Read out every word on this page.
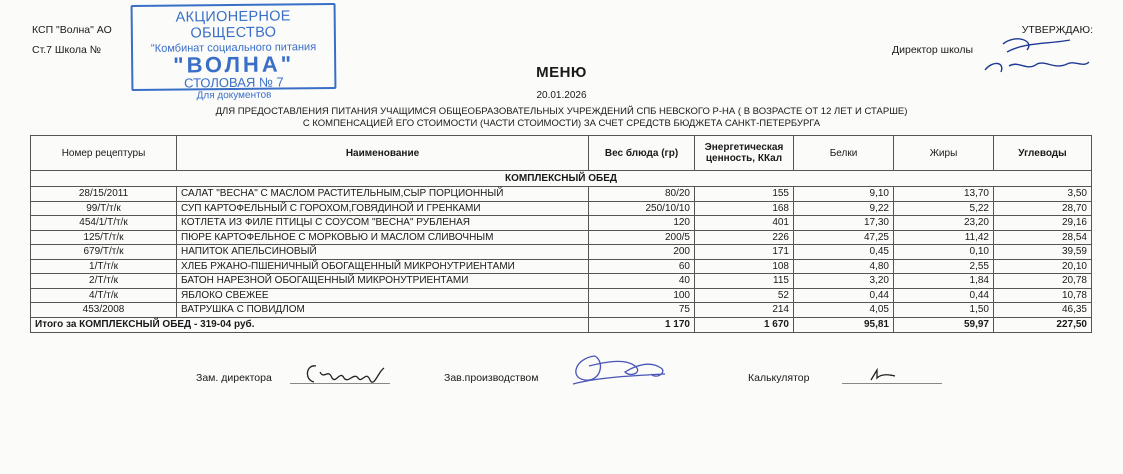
КСП "Волна" АО
Ст.7 Школа №
АКЦИОНЕРНОЕ ОБЩЕСТВО
"Комбинат социального питания
"ВОЛНА"
СТОЛОВАЯ № 7
Для документов
УТВЕРЖДАЮ:
Директор школы
МЕНЮ
20.01.2026
ДЛЯ ПРЕДОСТАВЛЕНИЯ ПИТАНИЯ УЧАЩИМСЯ ОБЩЕОБРАЗОВАТЕЛЬНЫХ УЧРЕЖДЕНИЙ СПБ НЕВСКОГО Р-НА ( В ВОЗРАСТЕ ОТ 12 ЛЕТ И СТАРШЕ)
С КОМПЕНСАЦИЕЙ ЕГО СТОИМОСТИ (ЧАСТИ СТОИМОСТИ) ЗА СЧЕТ СРЕДСТВ БЮДЖЕТА САНКТ-ПЕТЕРБУРГА
Номер рецептуры	Наименование	Вес блюда (гр)	Энергетическая ценность, ККал	Белки	Жиры	Углеводы
КОМПЛЕКСНЫЙ ОБЕД						
28/15/2011	САЛАТ "ВЕСНА" С МАСЛОМ РАСТИТЕЛЬНЫМ,СЫР ПОРЦИОННЫЙ	80/20	155	9,10	13,70	3,50
99/Т/т/к	СУП КАРТОФЕЛЬНЫЙ С ГОРОХОМ,ГОВЯДИНОЙ И ГРЕНКАМИ	250/10/10	168	9,22	5,22	28,70
454/1/Т/т/к	КОТЛЕТА ИЗ ФИЛЕ ПТИЦЫ С СОУСОМ "ВЕСНА" РУБЛЕНАЯ	120	401	17,30	23,20	29,16
125/Т/т/к	ПЮРЕ КАРТОФЕЛЬНОЕ С МОРКОВЬЮ И МАСЛОМ СЛИВОЧНЫМ	200/5	226	47,25	11,42	28,54
679/Т/т/к	НАПИТОК АПЕЛЬСИНОВЫЙ	200	171	0,45	0,10	39,59
1/Т/т/к	ХЛЕБ РЖАНО-ПШЕНИЧНЫЙ ОБОГАЩЕННЫЙ МИКРОНУТРИЕНТАМИ	60	108	4,80	2,55	20,10
2/Т/т/к	БАТОН НАРЕЗНОЙ ОБОГАЩЕННЫЙ МИКРОНУТРИЕНТАМИ	40	115	3,20	1,84	20,78
4/Т/т/к	ЯБЛОКО СВЕЖЕЕ	100	52	0,44	0,44	10,78
453/2008	ВАТРУШКА С ПОВИДЛОМ	75	214	4,05	1,50	46,35
Итого за КОМПЛЕКСНЫЙ ОБЕД - 319-04 руб.		1 170	1 670	95,81	59,97	227,50
Зам. директора	Зав.производством	Калькулятор
